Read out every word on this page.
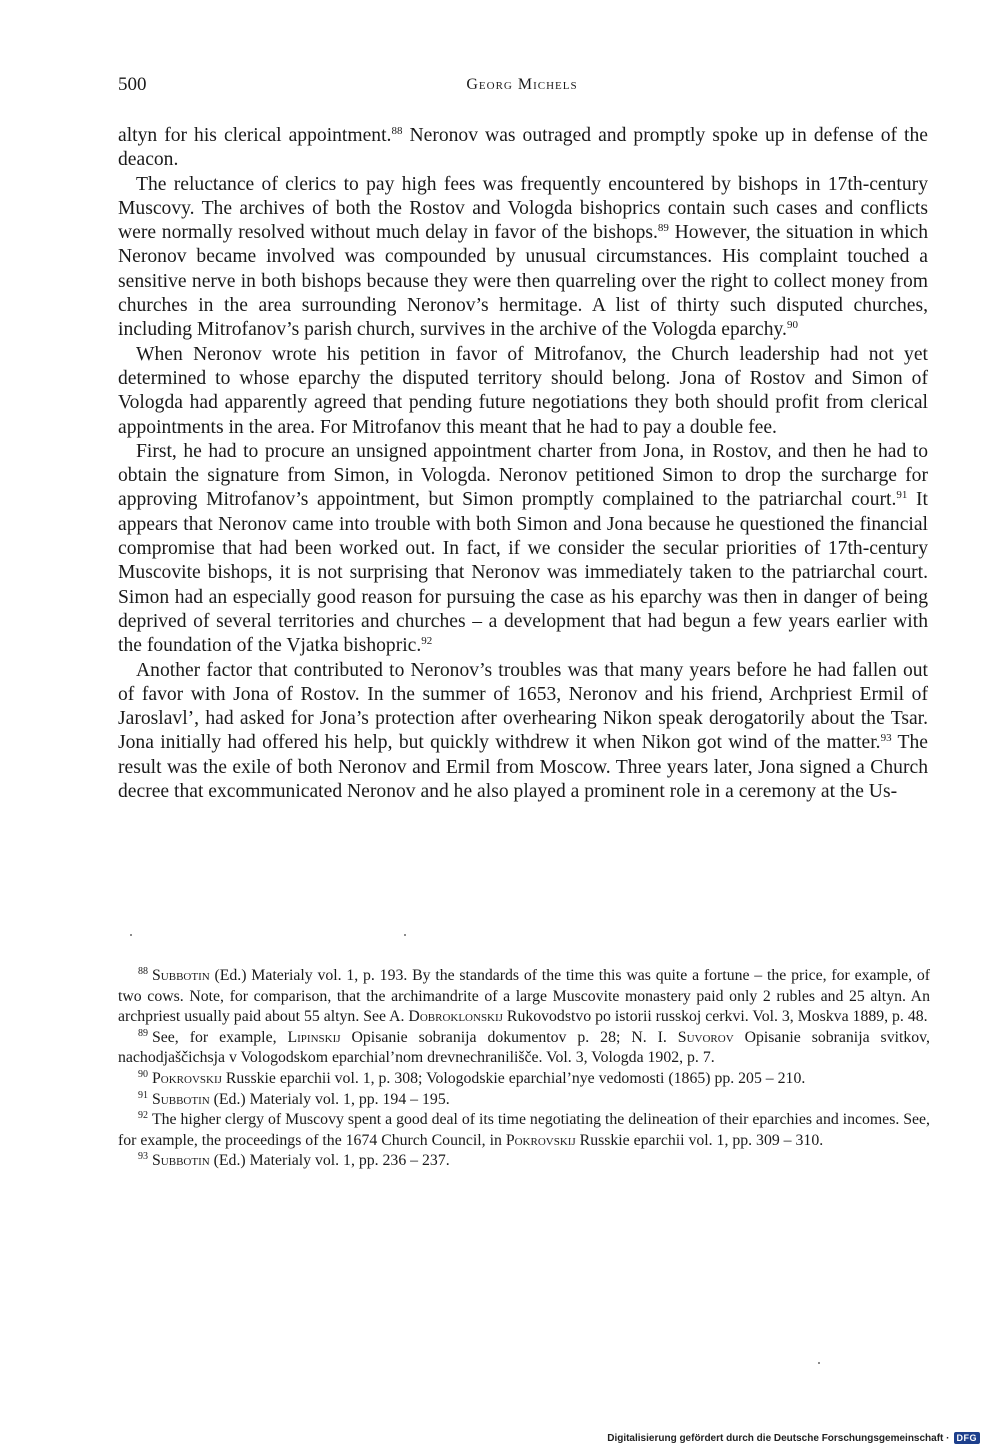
500	Georg Michels

altyn for his clerical appointment.$^{88}$ Neronov was outraged and promptly spoke up in defense of the deacon.

The reluctance of clerics to pay high fees was frequently encountered by bishops in 17th-century Muscovy. The archives of both the Rostov and Vologda bishoprics contain such cases and conflicts were normally resolved without much delay in favor of the bishops.$^{89}$ However, the situation in which Neronov became involved was compounded by unusual circumstances. His complaint touched a sensitive nerve in both bishops because they were then quarreling over the right to collect money from churches in the area surrounding Neronov’s hermitage. A list of thirty such disputed churches, including Mitrofanov’s parish church, survives in the archive of the Vologda eparchy.$^{90}$

When Neronov wrote his petition in favor of Mitrofanov, the Church leadership had not yet determined to whose eparchy the disputed territory should belong. Jona of Rostov and Simon of Vologda had apparently agreed that pending future negotiations they both should profit from clerical appointments in the area. For Mitrofanov this meant that he had to pay a double fee.

First, he had to procure an unsigned appointment charter from Jona, in Rostov, and then he had to obtain the signature from Simon, in Vologda. Neronov petitioned Simon to drop the surcharge for approving Mitrofanov’s appointment, but Simon promptly complained to the patriarchal court.$^{91}$ It appears that Neronov came into trouble with both Simon and Jona because he questioned the financial compromise that had been worked out. In fact, if we consider the secular priorities of 17th-century Muscovite bishops, it is not surprising that Neronov was immediately taken to the patriarchal court. Simon had an especially good reason for pursuing the case as his eparchy was then in danger of being deprived of several territories and churches – a development that had begun a few years earlier with the foundation of the Vjatka bishopric.$^{92}$

Another factor that contributed to Neronov’s troubles was that many years before he had fallen out of favor with Jona of Rostov. In the summer of 1653, Neronov and his friend, Archpriest Ermil of Jaroslavl’, had asked for Jona’s protection after overhearing Nikon speak derogatorily about the Tsar. Jona initially had offered his help, but quickly withdrew it when Nikon got wind of the matter.$^{93}$ The result was the exile of both Neronov and Ermil from Moscow. Three years later, Jona signed a Church decree that excommunicated Neronov and he also played a prominent role in a ceremony at the Us-

$^{88}$ Subbotin (Ed.) Materialy vol. 1, p. 193. By the standards of the time this was quite a fortune – the price, for example, of two cows. Note, for comparison, that the archimandrite of a large Muscovite monastery paid only 2 rubles and 25 altyn. An archpriest usually paid about 55 altyn. See A. Dobroklonskij Rukovodstvo po istorii russkoj cerkvi. Vol. 3, Moskva 1889, p. 48.

$^{89}$ See, for example, Lipinskij Opisanie sobranija dokumentov p. 28; N. I. Suvorov Opisanie sobranija svitkov, nachodjaščichsja v Vologodskom eparchial’nom drevnechranilišče. Vol. 3, Vologda 1902, p. 7.

$^{90}$ Pokrovskij Russkie eparchii vol. 1, p. 308; Vologodskie eparchial’nye vedomosti (1865) pp. 205 – 210.

$^{91}$ Subbotin (Ed.) Materialy vol. 1, pp. 194 – 195.

$^{92}$ The higher clergy of Muscovy spent a good deal of its time negotiating the delineation of their eparchies and incomes. See, for example, the proceedings of the 1674 Church Council, in Pokrovskij Russkie eparchii vol. 1, pp. 309 – 310.

$^{93}$ Subbotin (Ed.) Materialy vol. 1, pp. 236 – 237.

Digitalisierung gefördert durch die Deutsche Forschungsgemeinschaft · DFG
